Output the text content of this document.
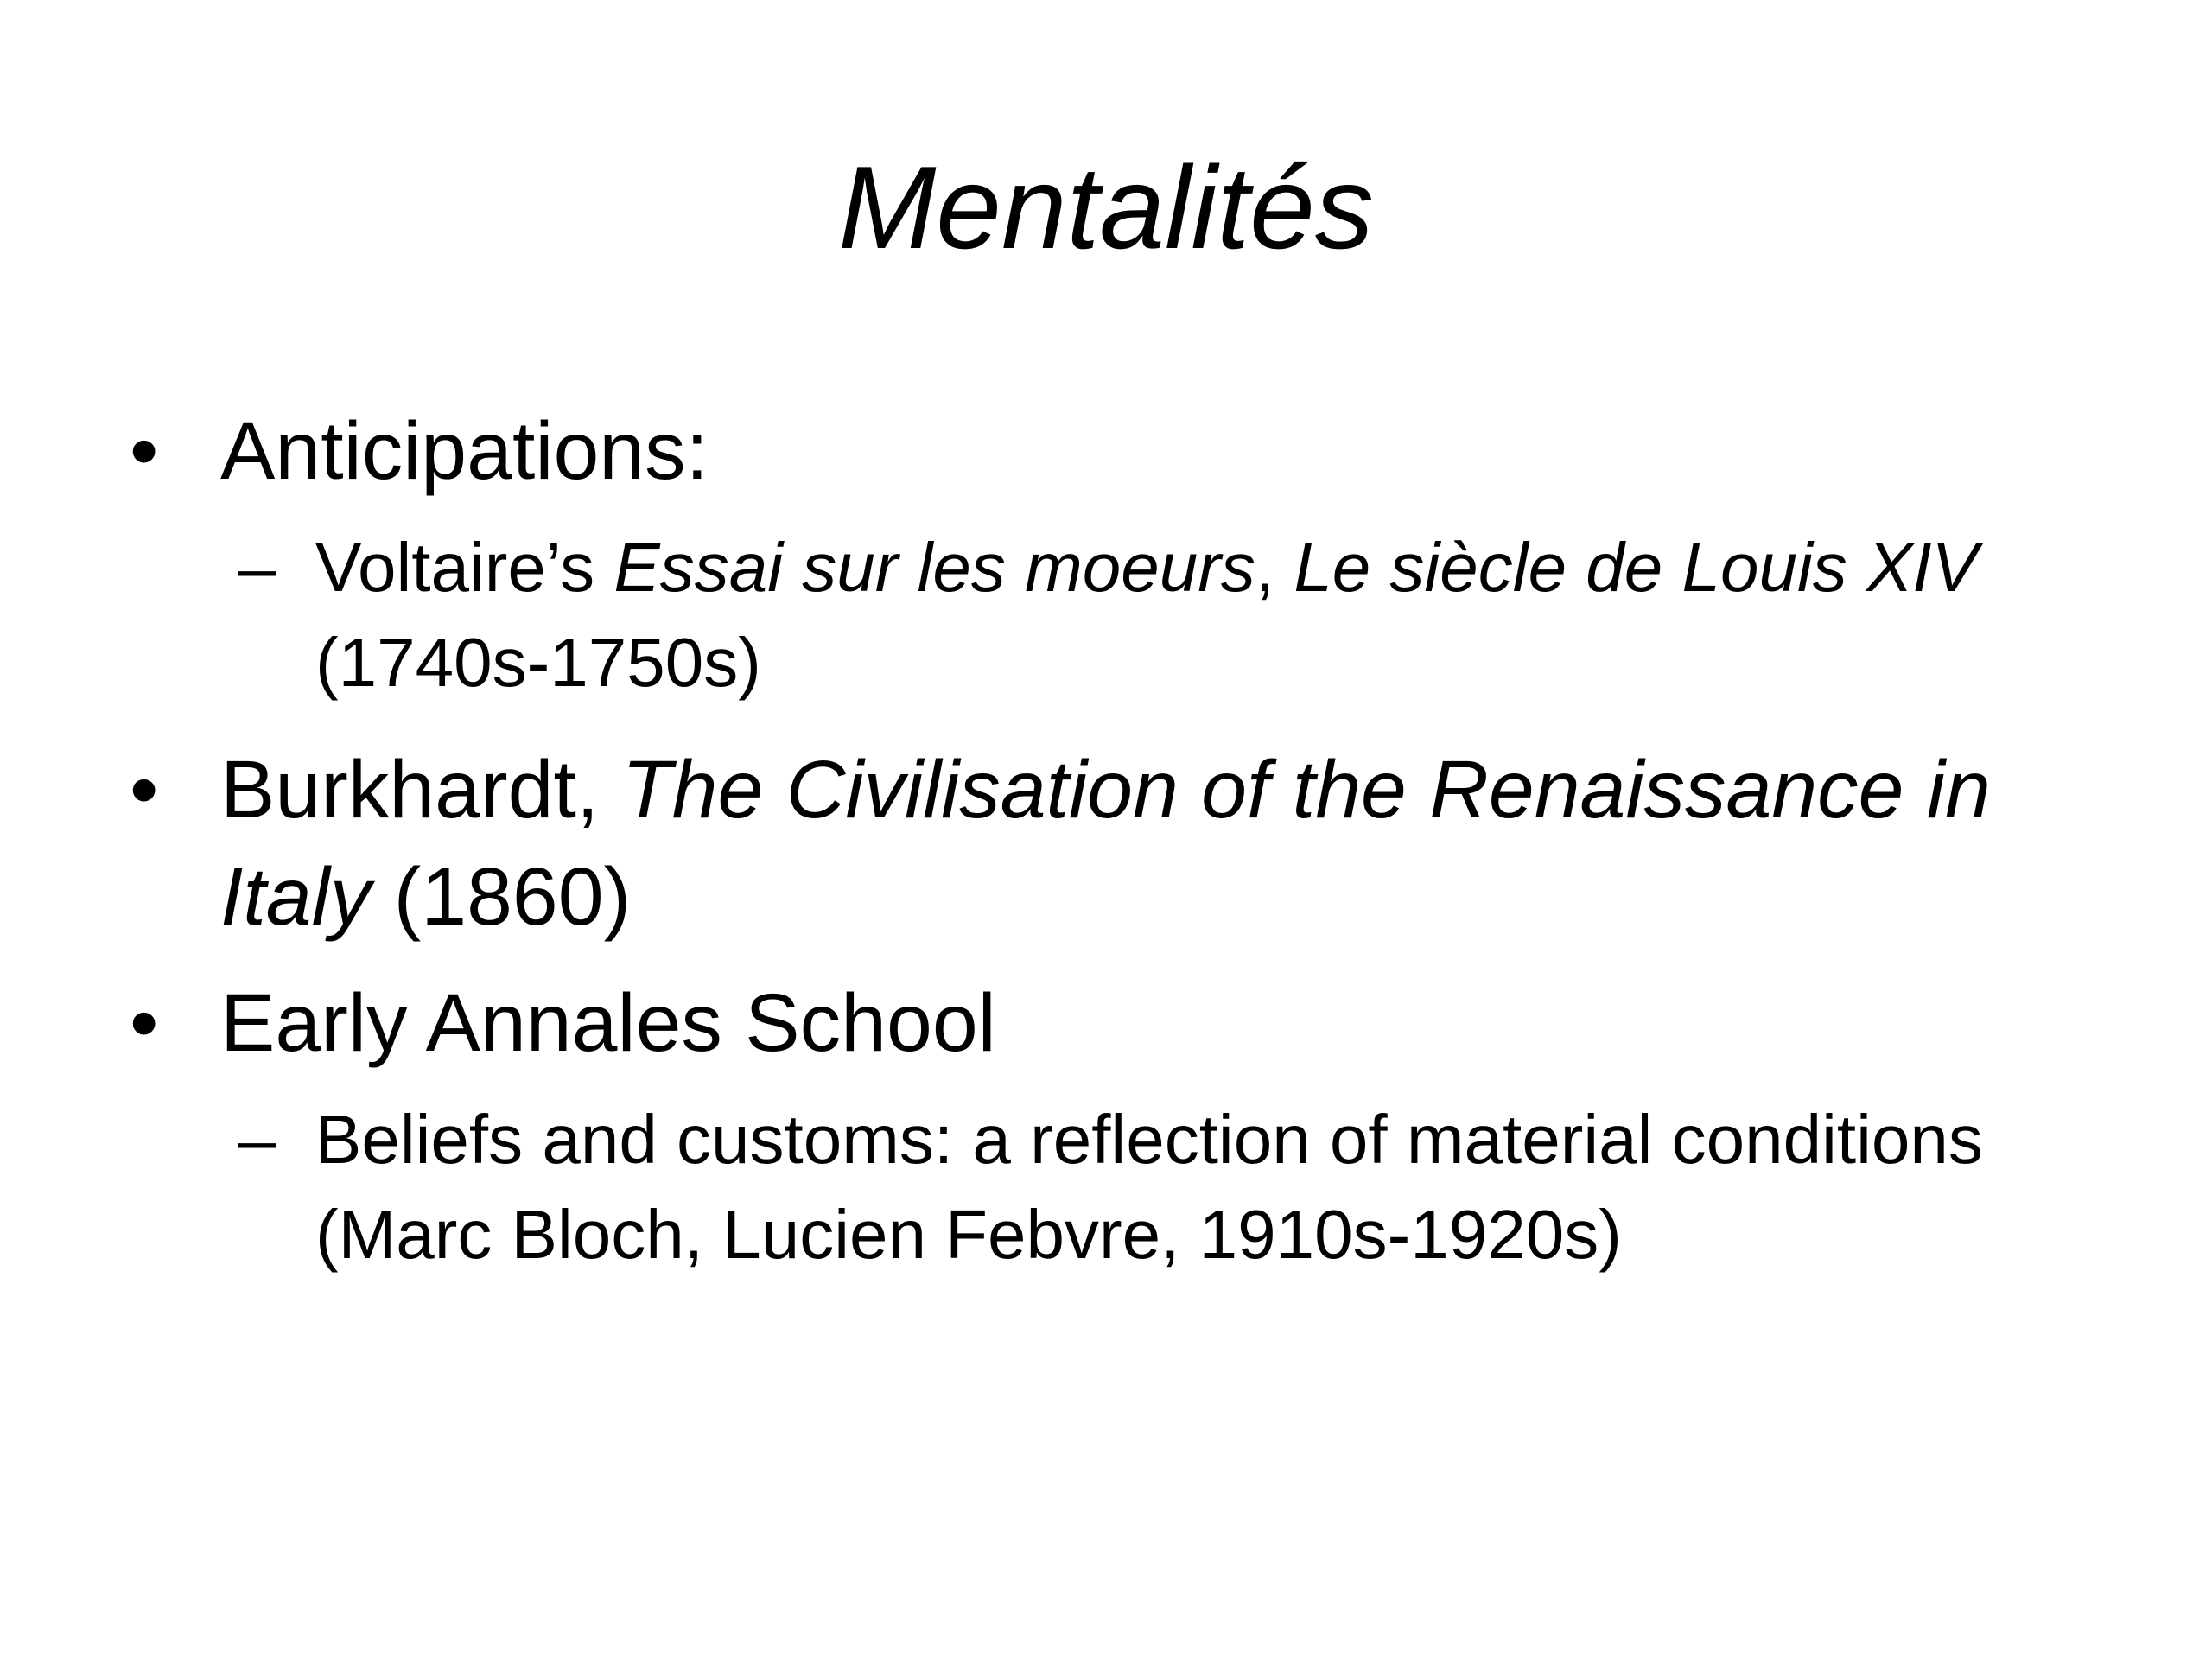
Mentalités
• Anticipations:
– Voltaire’s Essai sur les moeurs, Le siècle de Louis XIV (1740s-1750s)
• Burkhardt, The Civilisation of the Renaissance in Italy (1860)
• Early Annales School
– Beliefs and customs: a reflection of material conditions (Marc Bloch, Lucien Febvre, 1910s-1920s)
